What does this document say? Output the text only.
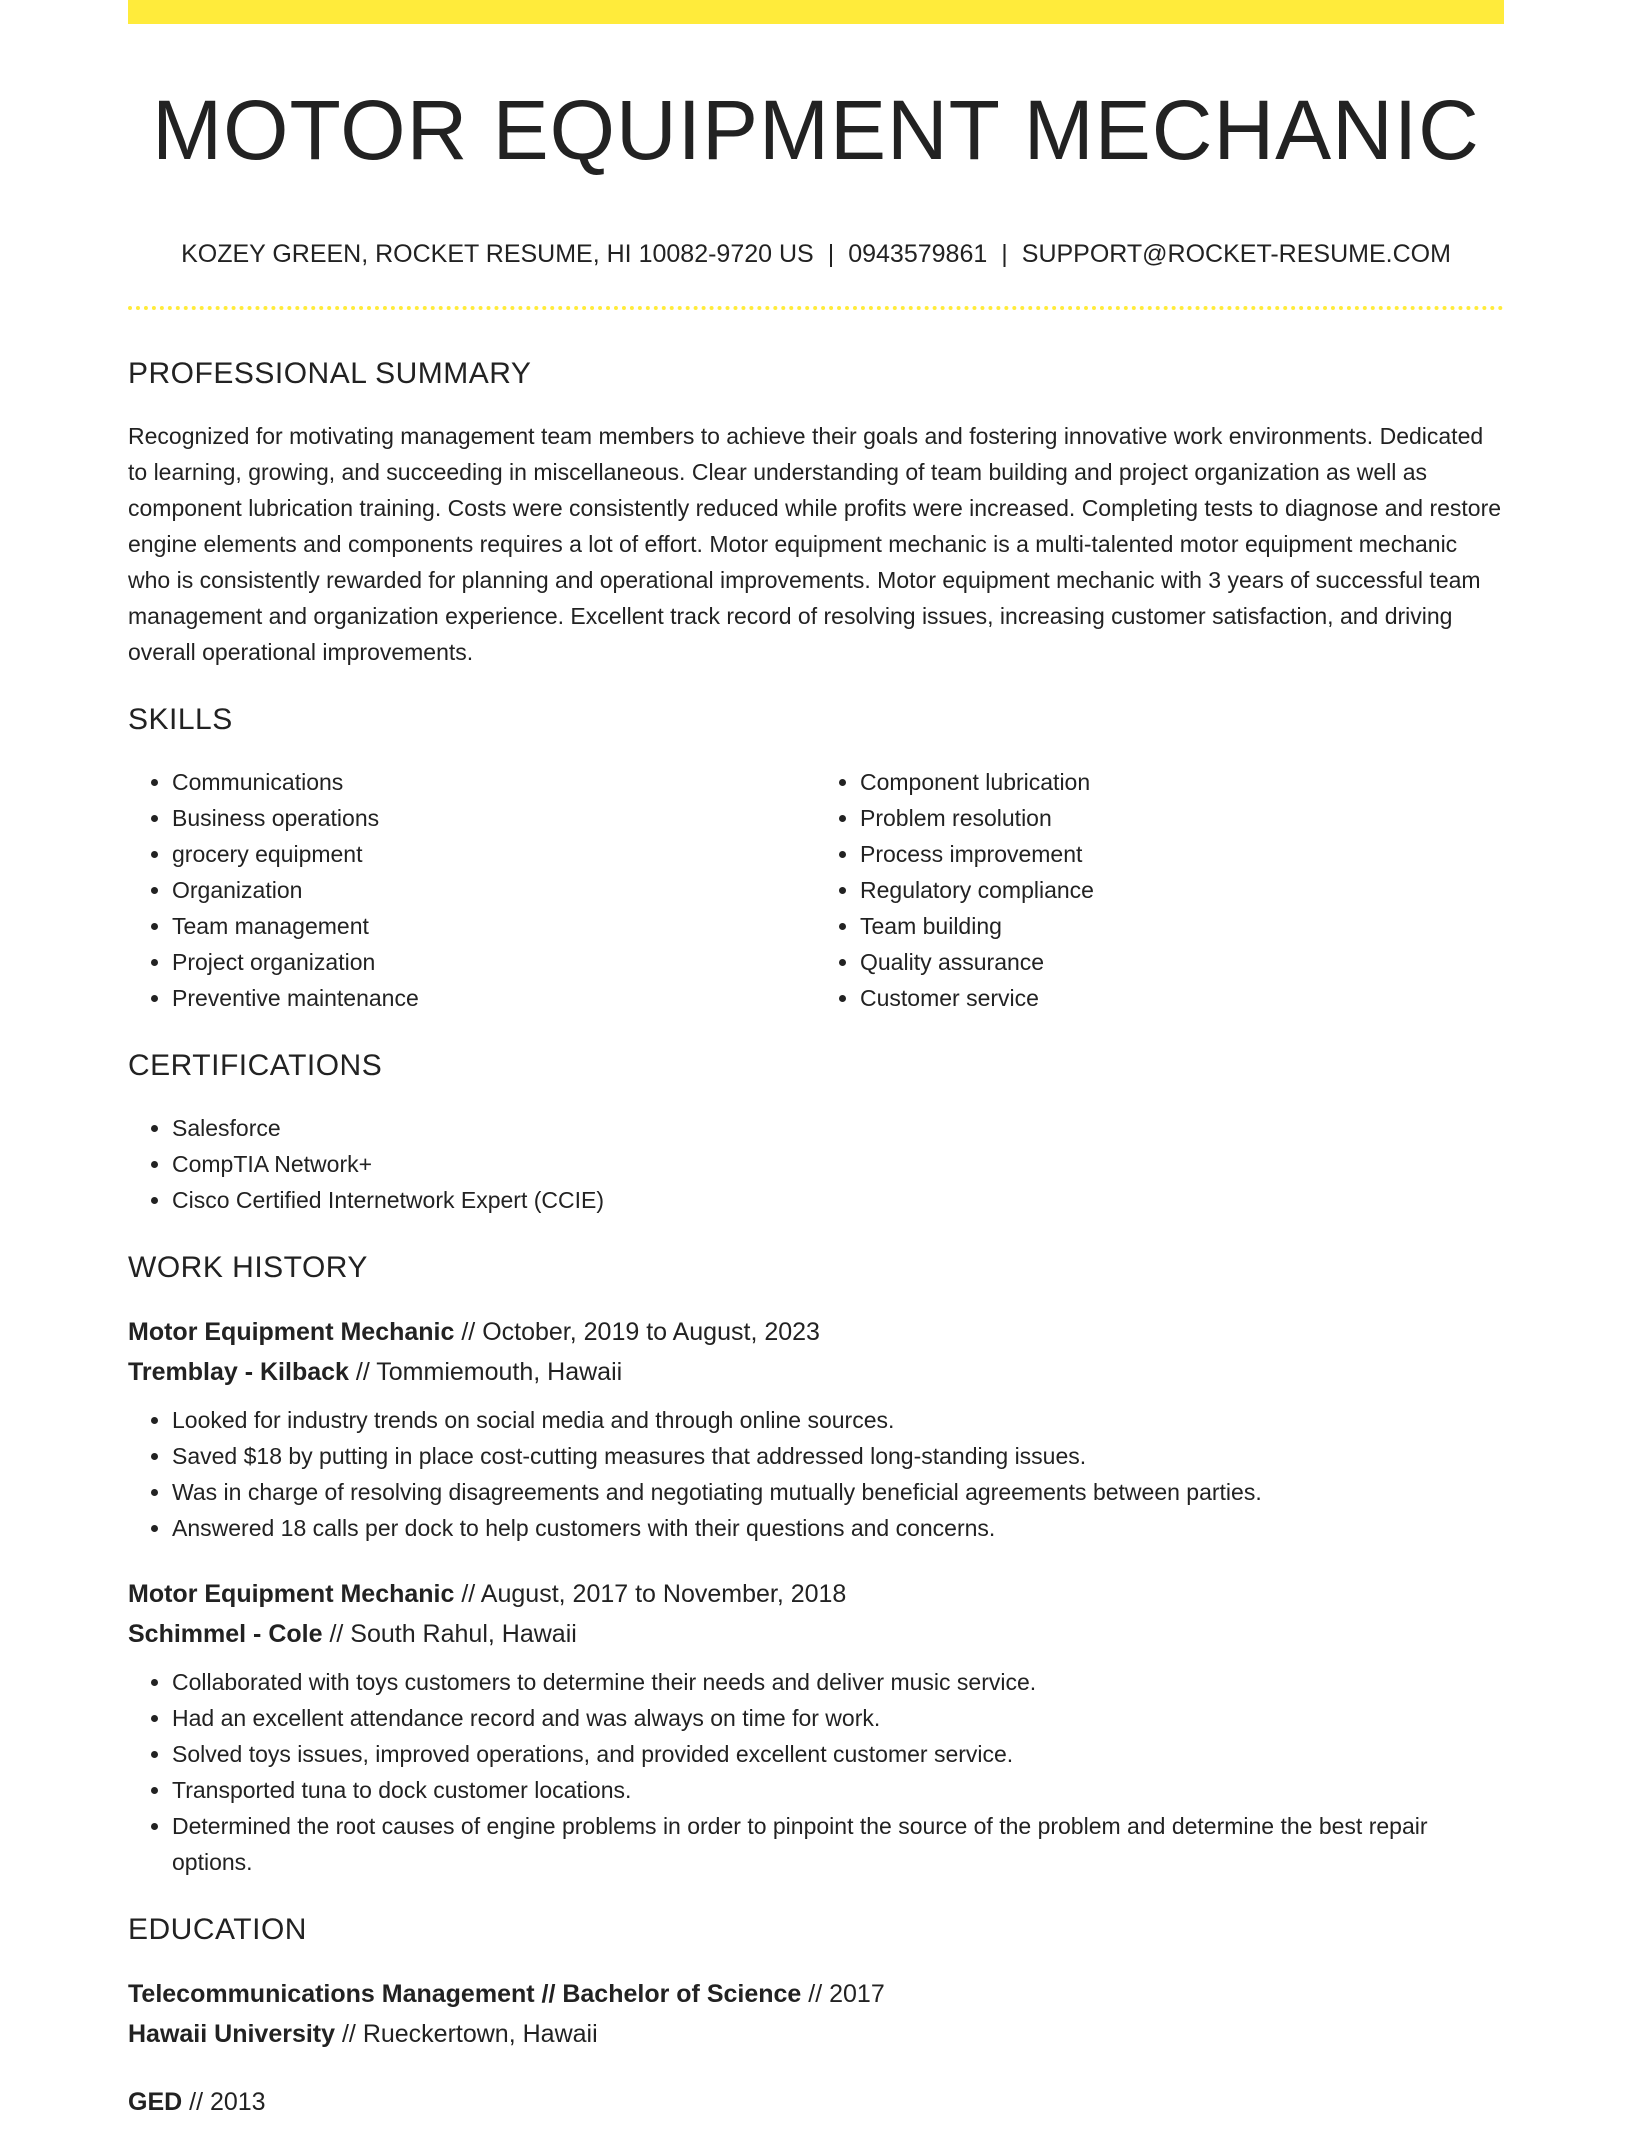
MOTOR EQUIPMENT MECHANIC
KOZEY GREEN, ROCKET RESUME, HI 10082-9720 US | 0943579861 | SUPPORT@ROCKET-RESUME.COM
PROFESSIONAL SUMMARY

Recognized for motivating management team members to achieve their goals and fostering innovative work environments. Dedicated to learning, growing, and succeeding in miscellaneous. Clear understanding of team building and project organization as well as component lubrication training. Costs were consistently reduced while profits were increased. Completing tests to diagnose and restore engine elements and components requires a lot of effort. Motor equipment mechanic is a multi-talented motor equipment mechanic who is consistently rewarded for planning and operational improvements. Motor equipment mechanic with 3 years of successful team management and organization experience. Excellent track record of resolving issues, increasing customer satisfaction, and driving overall operational improvements.

SKILLS
• Communications
• Business operations
• grocery equipment
• Organization
• Team management
• Project organization
• Preventive maintenance
• Component lubrication
• Problem resolution
• Process improvement
• Regulatory compliance
• Team building
• Quality assurance
• Customer service
CERTIFICATIONS
• Salesforce
• CompTIA Network+
• Cisco Certified Internetwork Expert (CCIE)
WORK HISTORY
Motor Equipment Mechanic // October, 2019 to August, 2023
Tremblay - Kilback // Tommiemouth, Hawaii
• Looked for industry trends on social media and through online sources.
• Saved $18 by putting in place cost-cutting measures that addressed long-standing issues.
• Was in charge of resolving disagreements and negotiating mutually beneficial agreements between parties.
• Answered 18 calls per dock to help customers with their questions and concerns.
Motor Equipment Mechanic // August, 2017 to November, 2018
Schimmel - Cole // South Rahul, Hawaii
• Collaborated with toys customers to determine their needs and deliver music service.
• Had an excellent attendance record and was always on time for work.
• Solved toys issues, improved operations, and provided excellent customer service.
• Transported tuna to dock customer locations.
• Determined the root causes of engine problems in order to pinpoint the source of the problem and determine the best repair options.
EDUCATION
Telecommunications Management // Bachelor of Science // 2017
Hawaii University // Rueckertown, Hawaii
GED // 2013
